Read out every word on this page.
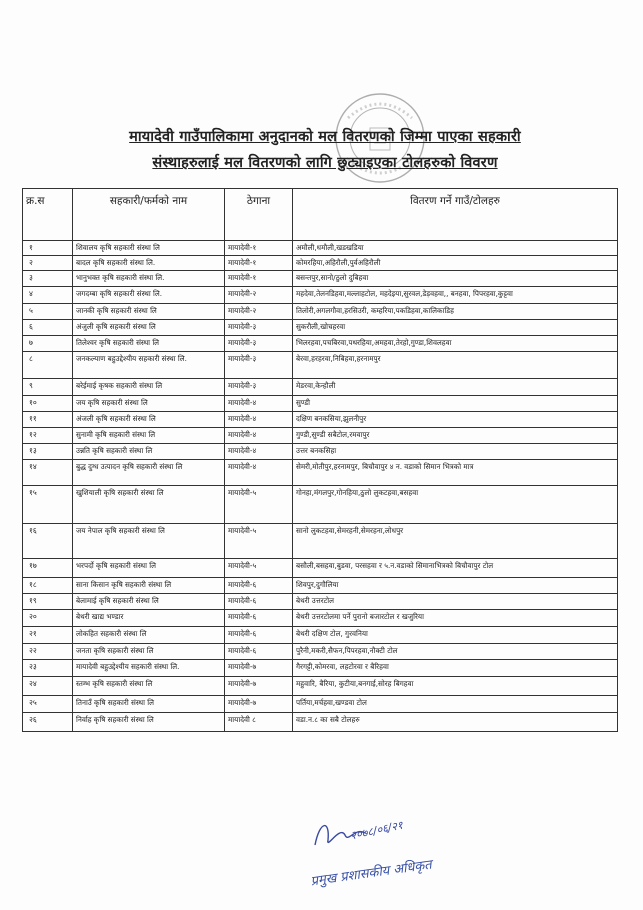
मायादेवी गाउँपालिकामा अनुदानको मल वितरणको जिम्मा पाएका सहकारी
संस्थाहरुलाई मल वितरणको लागि छुट्याइएका टोलहरुको विवरण
क्र.स	सहकारी/फर्मको नाम	ठेगाना	वितरण गर्ने गाउँ/टोलहरु
१	शिवालय कृषि सहकारी संस्था लि	मायादेवी-१	अमौली,धमौली,खडखडिया
२	बादल कृषि सहकारी संस्था लि.	मायादेवी-१	कोमरहिया,अहिरौली,पुर्वअहिरौली
३	भानुभक्त कृषि सहकारी संस्था लि.	मायादेवी-१	बसन्तपुर,सानो/ठुलो दुबिहवा
४	जगदम्बा कृषि सहकारी संस्था लि.	मायादेवी-२	महदेवा,तेलनडिहवा,मल्लाहटोल, महदेइया,सुरवल,डेड़वहवा,, बनहवा, पिपरहवा,कुट्टवा
५	जानकी कृषि सहकारी संस्था लि	मायादेवी-२	तिलोरी,अगलगौवा,हरसिउरी, कम्हरिया,पकडिहवा,कालिकाडिह
६	अंजुली कृषि सहकारी संस्था लि	मायादेवी-३	सुकरौली,खोचहरवा
७	तिलेश्वर कृषि सहकारी संस्था लि	मायादेवी-३	भिलरहवा,पचबिरवा,पथरहिया,अमहवा,तेरहो,गुण्डा,शिवलहवा
८	जनकल्याण बहुउद्देश्यीय सहकारी संस्था लि.	मायादेवी-३	बेरवा,हरहरवा,निबिहवा,हरनामपुर
९	बरेईमाई कृषक सहकारी संस्था लि	मायादेवी-३	मेडरवा,केन्हौली
१०	जय कृषि सहकारी संस्था लि	मायादेवी-४	सुण्डी
११	अंजली कृषि सहकारी संस्था लि	मायादेवी-४	दक्षिण बनकसिया,झुलनीपुर
१२	सुनामी कृषि सहकारी संस्था लि	मायादेवी-४	गुण्डी,सुण्डी सबैटोल,रमवापुर
१३	उन्नति कृषि सहकारी संस्था लि	मायादेवी-४	उत्तर बनकसिहा
१४	बुद्ध दुग्ध उत्पादन कृषि सहकारी संस्था लि	मायादेवी-४	सेमरी,मोतीपुर,हरनामपुर, बिचौवापुर ४ न. वडाको सिमान भित्रको मात्र
१५	खुशियाली कृषि सहकारी संस्था लि	मायादेवी-५	गोनहा,मंगलपुर,गोनहिया,ठुलो लुकटहवा,बसहवा
१६	जय नेपाल कृषि सहकारी संस्था लि	मायादेवी-५	सानो लुकटहवा,सेमरहनी,सेमरहना,लोधपुर
१७	भरपर्दो कृषि सहकारी संस्था लि	मायादेवी-५	बसौली,बसहवा,बुडवा, परसहवा र ५.न.वडाको सिमानाभित्रको बिचौवापुर टोल
१८	साना किसान कृषि सहकारी संस्था लि	मायादेवी-६	शिवपुर,दुगौलिया
१९	बेलामाई कृषि सहकारी संस्था लि	मायादेवी-६	बेथरी उत्तरटोल
२०	बेथरी खाद्य भण्डार	मायादेवी-६	बेथरी उत्तरटोलमा पर्ने पुरानो बजारटोल र खजुरिया
२१	लोकहित सहकारी संस्था लि	मायादेवी-६	बेथरी दक्षिण टोल, गुरवनिया
२२	जनता कृषि सहकारी संस्था लि	मायादेवी-६	पुरैनी,मकरी,सैफन,पिपरहवा,नौक्टी टोल
२३	मायादेवी बहुउद्देश्यीय सहकारी संस्था लि.	मायादेवी-७	गैरगट्टी,कोमरवा, लहटोरवा र बैरिहवा
२४	स्तम्भ कृषि सहकारी संस्था लि	मायादेवी-७	महुवारि, बैरिया, कुटीया,बनगाई,सोरह बिगहवा
२५	तिनाउँ कृषि सहकारी संस्था लि	मायादेवी-७	पर्तिया,मर्चहवा,खण्डवा टोल
२६	निर्वाह कृषि सहकारी संस्था लि	मायादेवी ८	वडा.न.८ का सबै टोलहरु
२०७८/०६/२१
प्रमुख प्रशासकीय अधिकृत
